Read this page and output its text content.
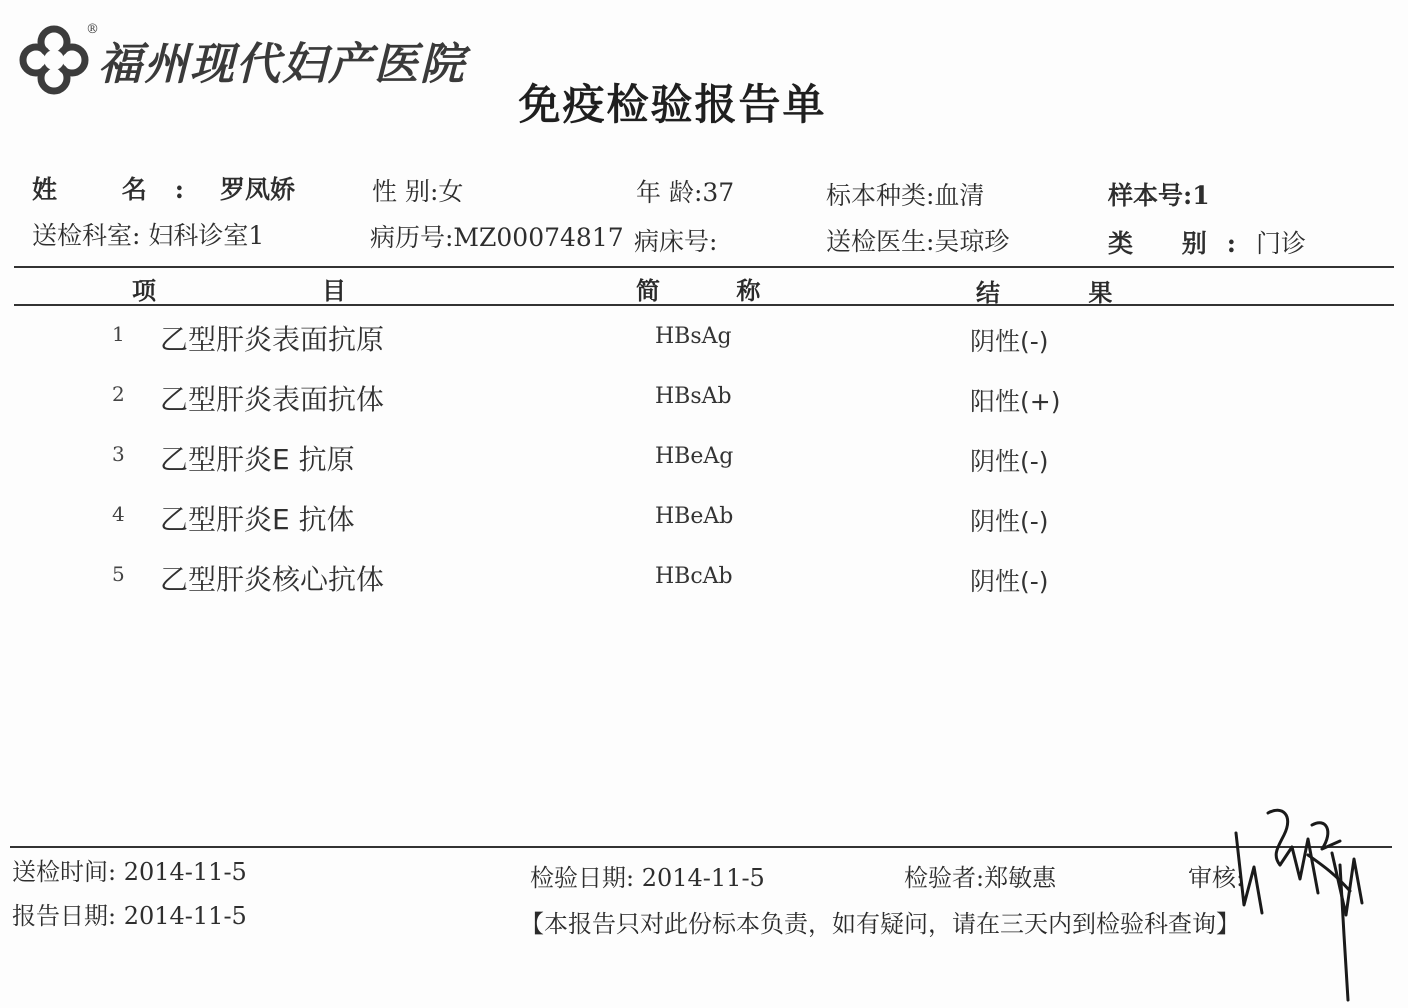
®
福州现代妇产医院
免疫检验报告单
姓 名: 罗凤娇	性 别:女	年 龄:37	标本种类:血清	样本号:1
送检科室: 妇科诊室1	病历号:MZ00074817 病床号:	送检医生:吴琼珍	类 别:门诊
项	目	简 称	结 果
1 乙型肝炎表面抗原	HBsAg	阴性(-)
2 乙型肝炎表面抗体	HBsAb	阳性(+)
3 乙型肝炎E 抗原	HBeAg	阴性(-)
4 乙型肝炎E 抗体	HBeAb	阴性(-)
5 乙型肝炎核心抗体	HBcAb	阴性(-)
送检时间: 2014-11-5	检验日期: 2014-11-5	检验者:郑敏惠	审核:
报告日期: 2014-11-5	【本报告只对此份标本负责，如有疑问，请在三天内到检验科查询】
